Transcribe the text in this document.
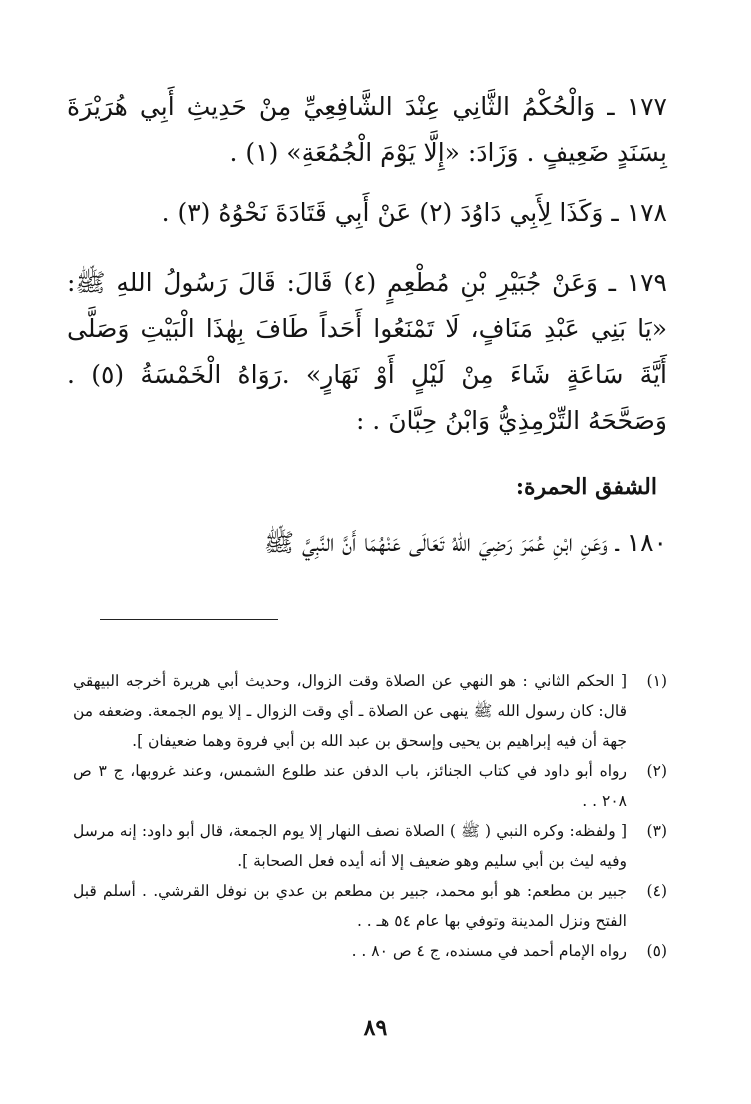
١٧٧ ـ وَالْحُكْمُ الثَّانِي عِنْدَ الشَّافِعِيِّ مِنْ حَدِيثِ أَبِي هُرَيْرَةَ بِسَنَدٍ ضَعِيفٍ . وَزَادَ: «إِلَّا يَوْمَ الْجُمُعَةِ» (١) .

١٧٨ ـ وَكَذَا لِأَبِي دَاوُدَ (٢) عَنْ أَبِي قَتَادَةَ نَحْوُهُ (٣) .

١٧٩ ـ وَعَنْ جُبَيْرِ بْنِ مُطْعِمٍ (٤) قَالَ: قَالَ رَسُولُ اللهِ ﷺ: «يَا بَنِي عَبْدِ مَنَافٍ، لَا تَمْنَعُوا أَحَداً طَافَ بِهٰذَا الْبَيْتِ وَصَلَّى أَيَّةَ سَاعَةٍ شَاءَ مِنْ لَيْلٍ أَوْ نَهَارٍ» .رَوَاهُ الْخَمْسَةُ (٥) . وَصَحَّحَهُ التِّرْمِذِيُّ وَابْنُ حِبَّانَ . :

الشفق الحمرة:

١٨٠ ـ وَعَنِ ابْنِ عُمَرَ رَضِيَ اللهُ تَعَالَى عَنْهُمَا أَنَّ النَّبِيَّ ﷺ

(١)
[ الحكم الثاني : هو النهي عن الصلاة وقت الزوال، وحديث أبي هريرة أخرجه البيهقي قال: كان رسول الله ﷺ ينهى عن الصلاة ـ أي وقت الزوال ـ إلا يوم الجمعة. وضعفه من جهة أن فيه إبراهيم بن يحيى وإسحق بن عبد الله بن أبي فروة وهما ضعيفان ].
(٢)
رواه أبو داود في كتاب الجنائز، باب الدفن عند طلوع الشمس، وعند غروبها، ج ٣ ص ٢٠٨ . .
(٣)
[ ولفظه: وكره النبي ( ﷺ ) الصلاة نصف النهار إلا يوم الجمعة، قال أبو داود: إنه مرسل وفيه ليث بن أبي سليم وهو ضعيف إلا أنه أيده فعل الصحابة ].
(٤)
جبير بن مطعم: هو أبو محمد، جبير بن مطعم بن عدي بن نوفل القرشي. . أسلم قبل الفتح ونزل المدينة وتوفي بها عام ٥٤ هـ . .
(٥)
رواه الإمام أحمد في مسنده، ج ٤ ص ٨٠ . .
٨٩
